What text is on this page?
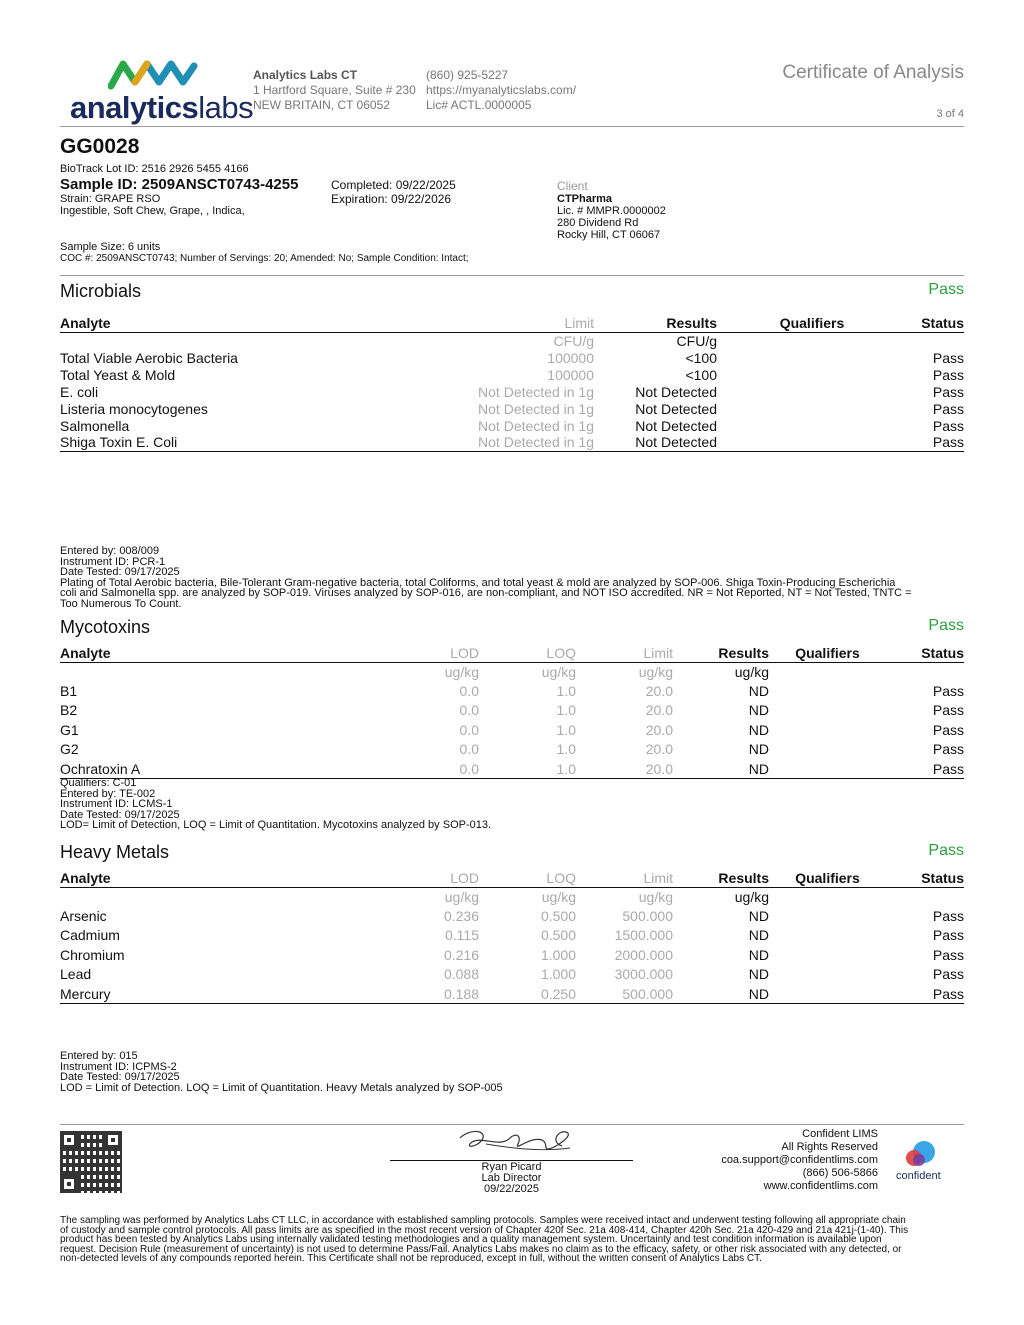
analyticslabs
Analytics Labs CT
1 Hartford Square, Suite # 230
NEW BRITAIN, CT 06052
(860) 925-5227
https://myanalyticslabs.com/
Lic# ACTL.0000005
Certificate of Analysis
3 of 4
GG0028
BioTrack Lot ID: 2516 2926 5455 4166
Sample ID: 2509ANSCT0743-4255
Strain: GRAPE RSO
Ingestible, Soft Chew, Grape, , Indica,
Completed: 09/22/2025
Expiration: 09/22/2026
Client
CTPharma
Lic. # MMPR.0000002
280 Dividend Rd
Rocky Hill, CT 06067
Sample Size: 6 units
COC #: 2509ANSCT0743; Number of Servings: 20; Amended: No; Sample Condition: Intact;
Microbials	Pass
Analyte	Limit	Results	Qualifiers	Status
	CFU/g	CFU/g		
Total Viable Aerobic Bacteria	100000	<100		Pass
Total Yeast & Mold	100000	<100		Pass
E. coli	Not Detected in 1g	Not Detected		Pass
Listeria monocytogenes	Not Detected in 1g	Not Detected		Pass
Salmonella	Not Detected in 1g	Not Detected		Pass
Shiga Toxin E. Coli	Not Detected in 1g	Not Detected		Pass
Entered by: 008/009
Instrument ID: PCR-1
Date Tested: 09/17/2025
Plating of Total Aerobic bacteria, Bile-Tolerant Gram-negative bacteria, total Coliforms, and total yeast & mold are analyzed by SOP-006. Shiga Toxin-Producing Escherichia
coli and Salmonella spp. are analyzed by SOP-019. Viruses analyzed by SOP-016, are non-compliant, and NOT ISO accredited. NR = Not Reported, NT = Not Tested, TNTC =
Too Numerous To Count.
Mycotoxins	Pass
Analyte	LOD	LOQ	Limit	Results	Qualifiers	Status
	ug/kg	ug/kg	ug/kg	ug/kg		
B1	0.0	1.0	20.0	ND		Pass
B2	0.0	1.0	20.0	ND		Pass
G1	0.0	1.0	20.0	ND		Pass
G2	0.0	1.0	20.0	ND		Pass
Ochratoxin A	0.0	1.0	20.0	ND		Pass
Qualifiers: C-01
Entered by: TE-002
Instrument ID: LCMS-1
Date Tested: 09/17/2025
LOD= Limit of Detection, LOQ = Limit of Quantitation. Mycotoxins analyzed by SOP-013.
Heavy Metals	Pass
Analyte	LOD	LOQ	Limit	Results	Qualifiers	Status
	ug/kg	ug/kg	ug/kg	ug/kg		
Arsenic	0.236	0.500	500.000	ND		Pass
Cadmium	0.115	0.500	1500.000	ND		Pass
Chromium	0.216	1.000	2000.000	ND		Pass
Lead	0.088	1.000	3000.000	ND		Pass
Mercury	0.188	0.250	500.000	ND		Pass
Entered by: 015
Instrument ID: ICPMS-2
Date Tested: 09/17/2025
LOD = Limit of Detection. LOQ = Limit of Quantitation. Heavy Metals analyzed by SOP-005
Ryan Picard
Lab Director
09/22/2025
Confident LIMS
All Rights Reserved
coa.support@confidentlims.com
(866) 506-5866
www.confidentlims.com
confident
The sampling was performed by Analytics Labs CT LLC, in accordance with established sampling protocols. Samples were received intact and underwent testing following all appropriate chain
of custody and sample control protocols. All pass limits are as specified in the most recent version of Chapter 420f Sec. 21a 408-414, Chapter 420h Sec. 21a 420-429 and 21a 421j-(1-40). This
product has been tested by Analytics Labs using internally validated testing methodologies and a quality management system. Uncertainty and test condition information is available upon
request. Decision Rule (measurement of uncertainty) is not used to determine Pass/Fail. Analytics Labs makes no claim as to the efficacy, safety, or other risk associated with any detected, or
non-detected levels of any compounds reported herein. This Certificate shall not be reproduced, except in full, without the written consent of Analytics Labs CT.
